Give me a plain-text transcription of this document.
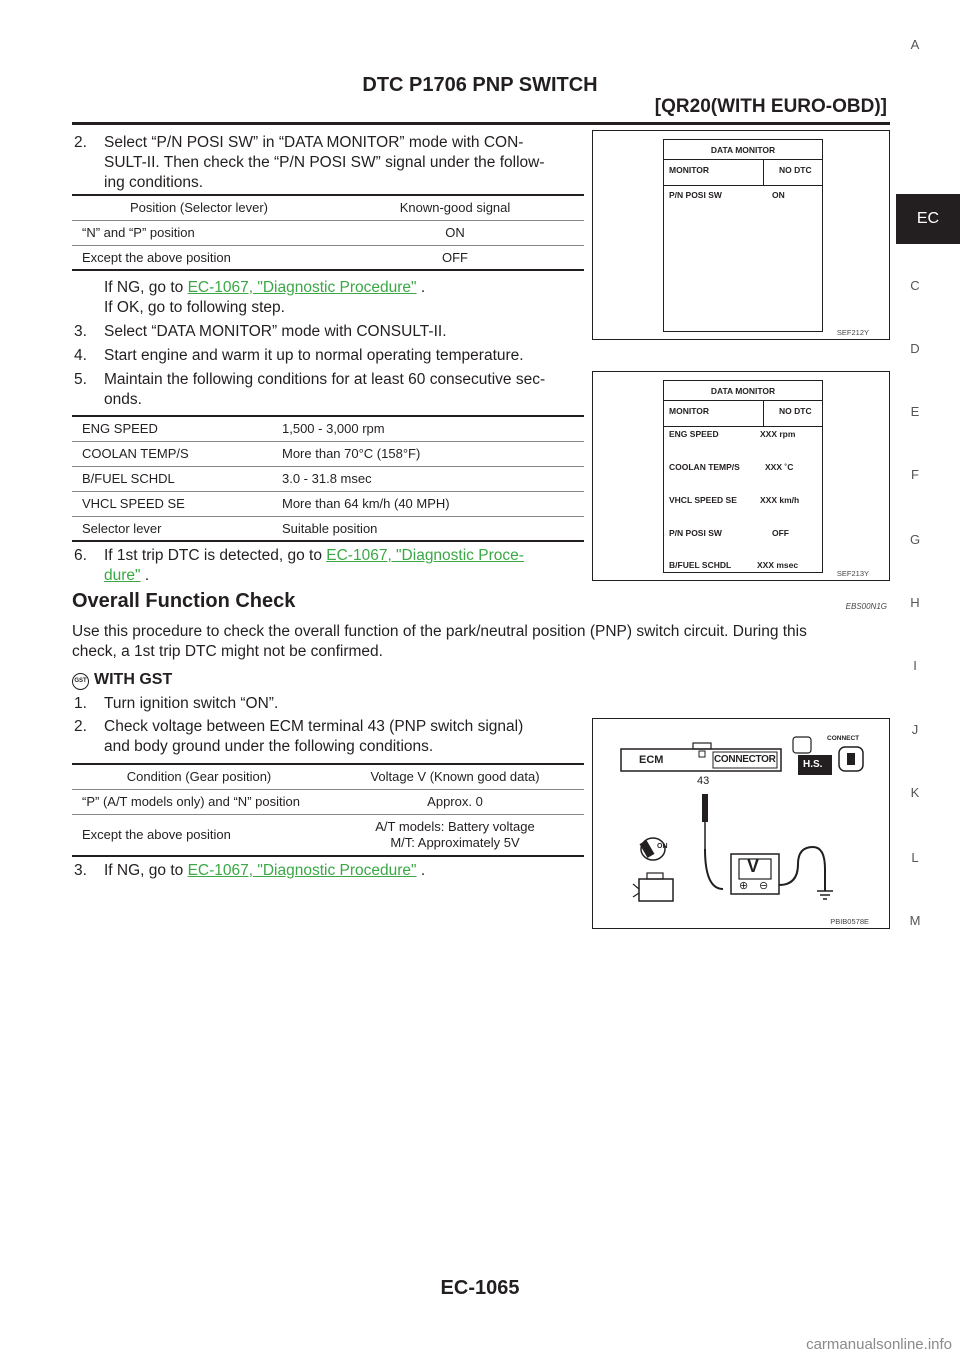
DTC P1706 PNP SWITCH
[QR20(WITH EURO-OBD)]
A
EC
C
D
E
F
G
H
I
J
K
L
M
2. Select “P/N POSI SW” in “DATA MONITOR” mode with CON-
SULT-II. Then check the “P/N POSI SW” signal under the follow-
ing conditions.
Position (Selector lever)	Known-good signal
“N” and “P” position	ON
Except the above position	OFF
If NG, go to EC-1067, "Diagnostic Procedure" .
If OK, go to following step.
3. Select “DATA MONITOR” mode with CONSULT-II.
4. Start engine and warm it up to normal operating temperature.
5. Maintain the following conditions for at least 60 consecutive sec-
onds.
ENG SPEED	1,500 - 3,000 rpm
COOLAN TEMP/S	More than 70°C (158°F)
B/FUEL SCHDL	3.0 - 31.8 msec
VHCL SPEED SE	More than 64 km/h (40 MPH)
Selector lever	Suitable position
6. If 1st trip DTC is detected, go to EC-1067, "Diagnostic Proce-
dure" .
Overall Function Check	EBS00N1G
Use this procedure to check the overall function of the park/neutral position (PNP) switch circuit. During this
check, a 1st trip DTC might not be confirmed.
GST WITH GST
1. Turn ignition switch “ON”.
2. Check voltage between ECM terminal 43 (PNP switch signal)
and body ground under the following conditions.
Condition (Gear position)	Voltage V (Known good data)
“P” (A/T models only) and “N” position	Approx. 0
Except the above position	A/T models: Battery voltage
M/T: Approximately 5V
3. If NG, go to EC-1067, "Diagnostic Procedure" .
DATA MONITOR
MONITOR	NO DTC
P/N POSI SW	ON
SEF212Y
DATA MONITOR
MONITOR	NO DTC
ENG SPEED	XXX rpm
COOLAN TEMP/S	XXX ˚C
VHCL SPEED SE	XXX km/h
P/N POSI SW	OFF
B/FUEL SCHDL	XXX msec
SEF213Y
ECM	CONNECTOR
43
CONNECT
H.S.
ON
V
⊕ ⊖
PBIB0578E
EC-1065
carmanualsonline.info
